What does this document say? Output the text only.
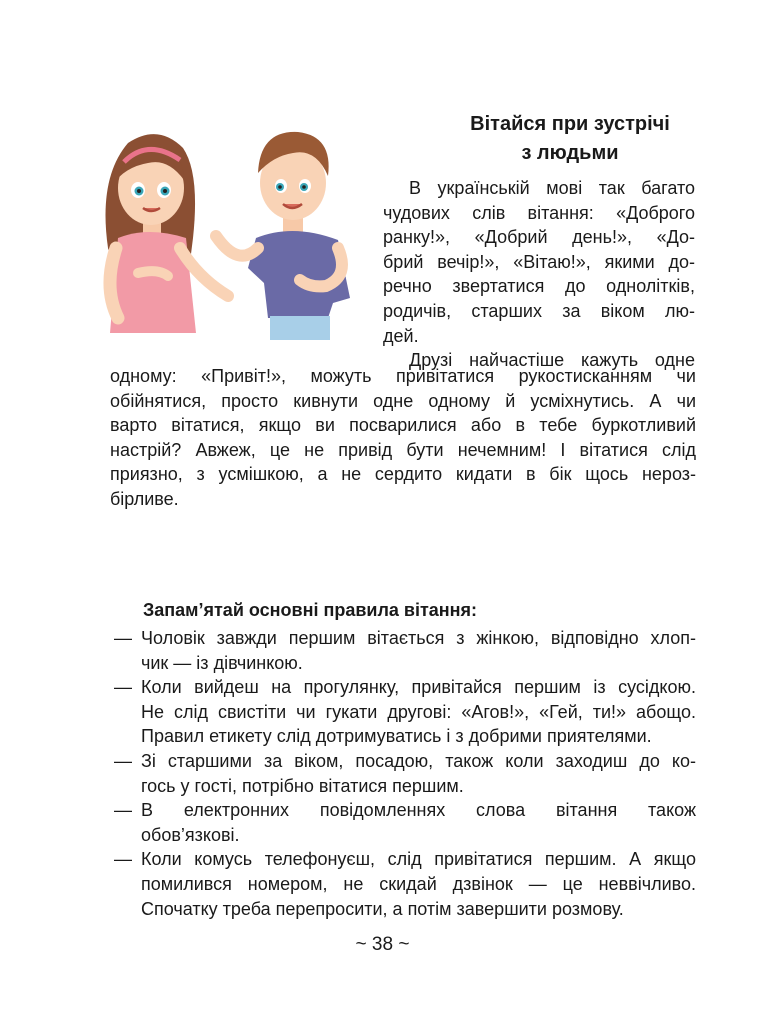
Вітайся при зустрічі
з людьми

В українській мові так багато
чудових слів вітання: «Доброго
ранку!», «Добрий день!», «До-
брий вечір!», «Вітаю!», якими до-
речно звертатися до однолітків,
родичів, старших за віком лю-
дей.
Друзі найчастіше кажуть одне

одному: «Привіт!», можуть привітатися рукостисканням чи
обійнятися, просто кивнути одне одному й усміхнутись. А чи
варто вітатися, якщо ви посварилися або в тебе буркотливий
настрій? Авжеж, це не привід бути нечемним! І вітатися слід
приязно, з усмішкою, а не сердито кидати в бік щось нероз-
бірливе.

Запам’ятай основні правила вітання:
— Чоловік завжди першим вітається з жінкою, відповідно хлоп-
чик — із дівчинкою.
— Коли вийдеш на прогулянку, привітайся першим із сусідкою.
Не слід свистіти чи гукати другові: «Агов!», «Гей, ти!» абощо.
Правил етикету слід дотримуватись і з добрими приятелями.
— Зі старшими за віком, посадою, також коли заходиш до ко-
гось у гості, потрібно вітатися першим.
— В електронних повідомленнях слова вітання також
обов’язкові.
— Коли комусь телефонуєш, слід привітатися першим. А якщо
помилився номером, не скидай дзвінок — це неввічливо.
Спочатку треба перепросити, а потім завершити розмову.

~ 38 ~
